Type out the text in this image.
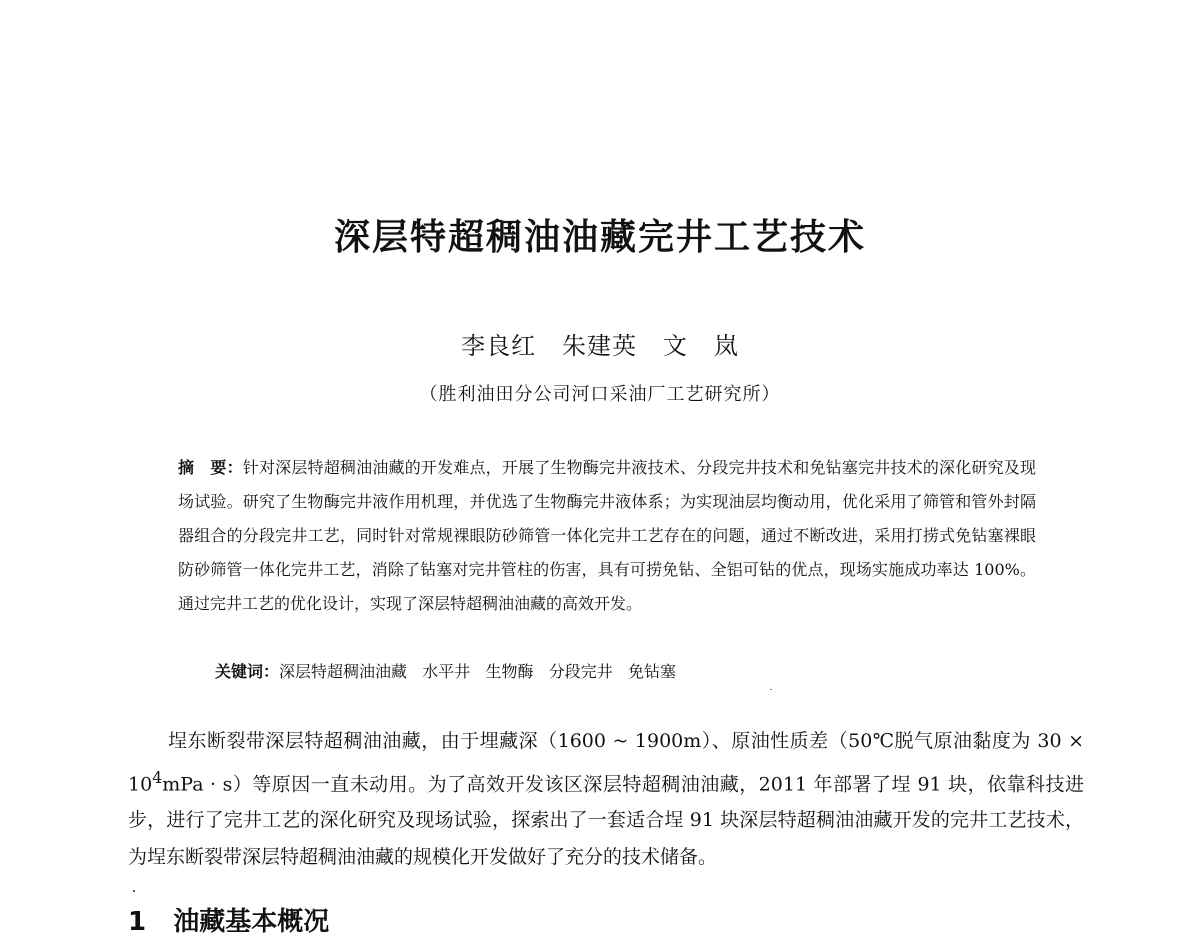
深层特超稠油油藏完井工艺技术
李良红   朱建英   文   岚
（胜利油田分公司河口采油厂工艺研究所）
摘　要：针对深层特超稠油油藏的开发难点，开展了生物酶完井液技术、分段完井技术和免钻塞完井技术的深化研究及现场试验。研究了生物酶完井液作用机理，并优选了生物酶完井液体系；为实现油层均衡动用，优化采用了筛管和管外封隔器组合的分段完井工艺，同时针对常规裸眼防砂筛管一体化完井工艺存在的问题，通过不断改进，采用打捞式免钻塞裸眼防砂筛管一体化完井工艺，消除了钻塞对完井管柱的伤害，具有可捞免钻、全铝可钻的优点，现场实施成功率达 100%。通过完井工艺的优化设计，实现了深层特超稠油油藏的高效开发。
关键词：深层特超稠油油藏   水平井   生物酶   分段完井   免钻塞
埕东断裂带深层特超稠油油藏，由于埋藏深（1600 ~ 1900m）、原油性质差（50℃脱气原油黏度为 $30 \times 10^4mPa \cdot s$）等原因一直未动用。为了高效开发该区深层特超稠油油藏，2011 年部署了埕 91 块，依靠科技进步，进行了完井工艺的深化研究及现场试验，探索出了一套适合埕 91 块深层特超稠油油藏开发的完井工艺技术，为埕东断裂带深层特超稠油油藏的规模化开发做好了充分的技术储备。
1   油藏基本概况
